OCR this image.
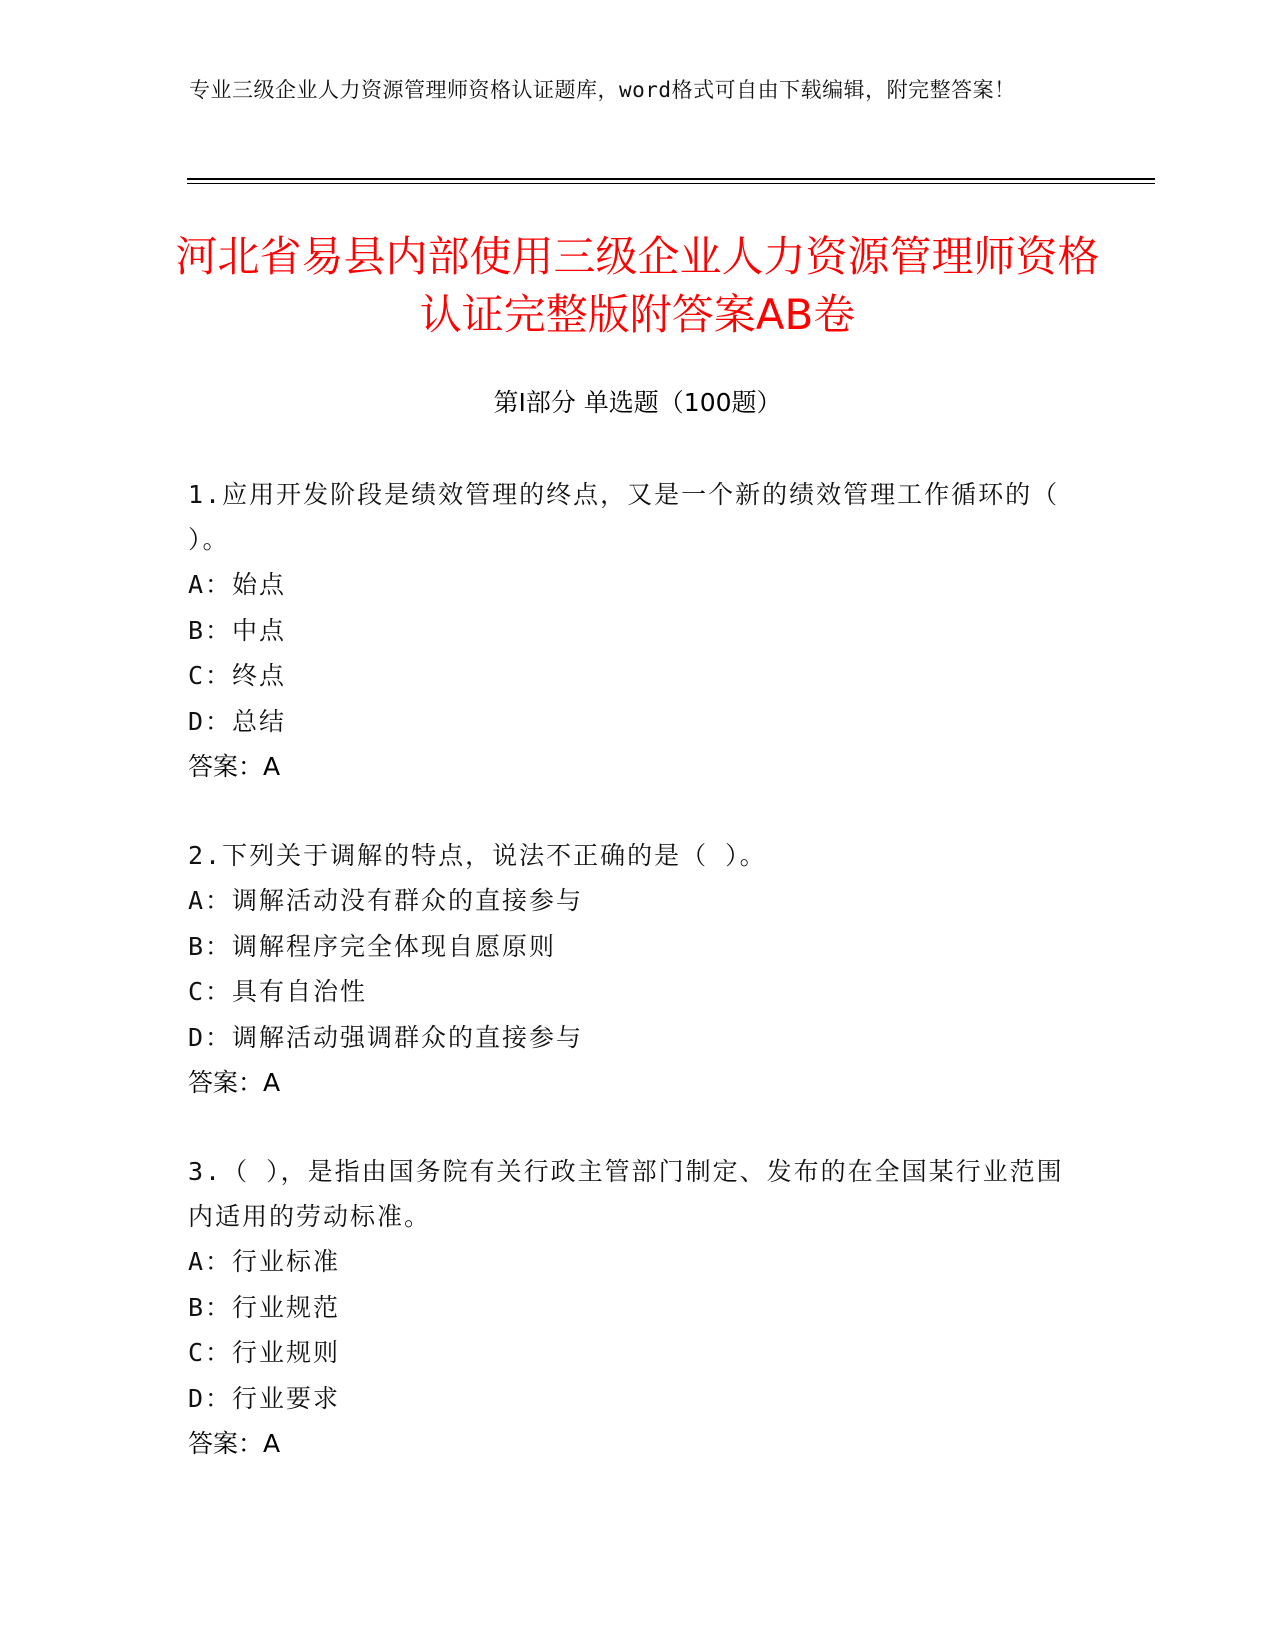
专业三级企业人力资源管理师资格认证题库，word格式可自由下载编辑，附完整答案！
河北省易县内部使用三级企业人力资源管理师资格认证完整版附答案AB卷
第Ⅰ部分 单选题（100题）
1.应用开发阶段是绩效管理的终点，又是一个新的绩效管理工作循环的（ ）。
A：始点
B：中点
C：终点
D：总结
答案：A
2.下列关于调解的特点，说法不正确的是（ ）。
A：调解活动没有群众的直接参与
B：调解程序完全体现自愿原则
C：具有自治性
D：调解活动强调群众的直接参与
答案：A
3.（ ），是指由国务院有关行政主管部门制定、发布的在全国某行业范围内适用的劳动标准。
A：行业标准
B：行业规范
C：行业规则
D：行业要求
答案：A
